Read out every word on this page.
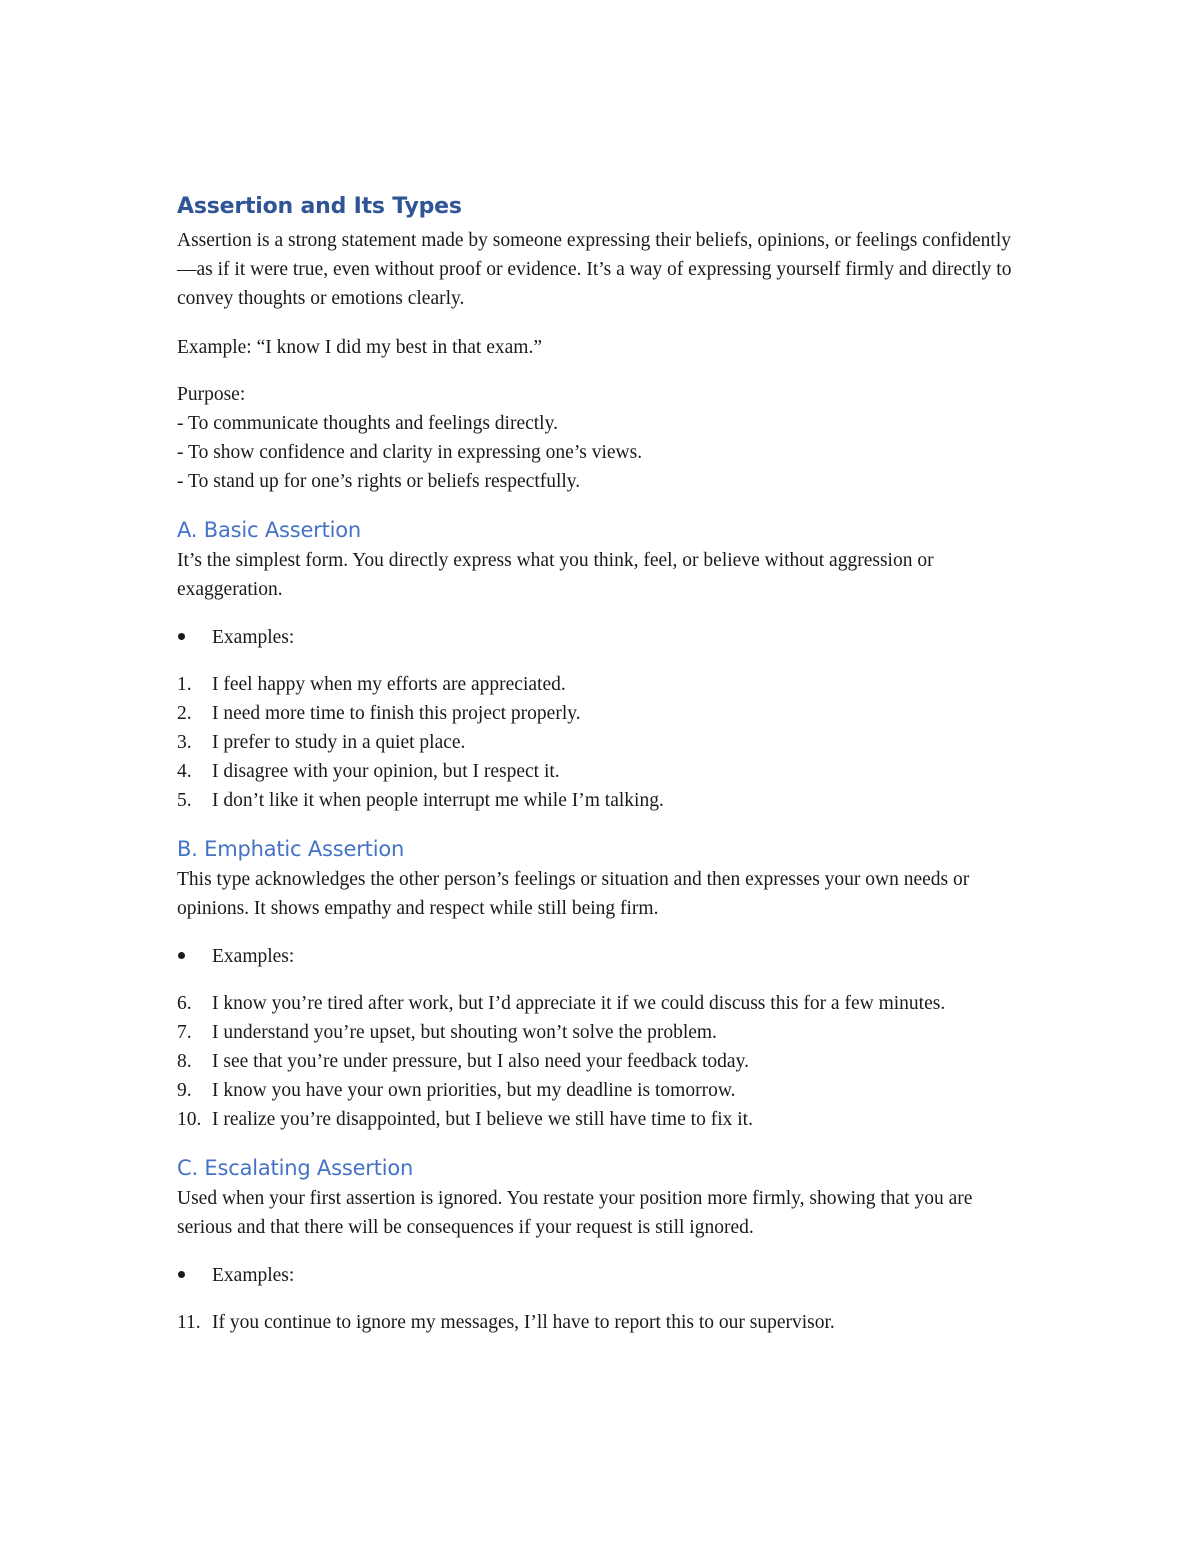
Assertion and Its Types

Assertion is a strong statement made by someone expressing their beliefs, opinions, or feelings confidently—as if it were true, even without proof or evidence. It’s a way of expressing yourself firmly and directly to convey thoughts or emotions clearly.

Example: “I know I did my best in that exam.”

Purpose:
- To communicate thoughts and feelings directly.
- To show confidence and clarity in expressing one’s views.
- To stand up for one’s rights or beliefs respectfully.
A. Basic Assertion

It’s the simplest form. You directly express what you think, feel, or believe without aggression or exaggeration.

Examples:
1.	I feel happy when my efforts are appreciated.
2.	I need more time to finish this project properly.
3.	I prefer to study in a quiet place.
4.	I disagree with your opinion, but I respect it.
5.	I don’t like it when people interrupt me while I’m talking.
B. Emphatic Assertion

This type acknowledges the other person’s feelings or situation and then expresses your own needs or opinions. It shows empathy and respect while still being firm.

Examples:
6.	I know you’re tired after work, but I’d appreciate it if we could discuss this for a few minutes.
7.	I understand you’re upset, but shouting won’t solve the problem.
8.	I see that you’re under pressure, but I also need your feedback today.
9.	I know you have your own priorities, but my deadline is tomorrow.
10. I realize you’re disappointed, but I believe we still have time to fix it.
C. Escalating Assertion

Used when your first assertion is ignored. You restate your position more firmly, showing that you are serious and that there will be consequences if your request is still ignored.

Examples:
11. If you continue to ignore my messages, I’ll have to report this to our supervisor.
